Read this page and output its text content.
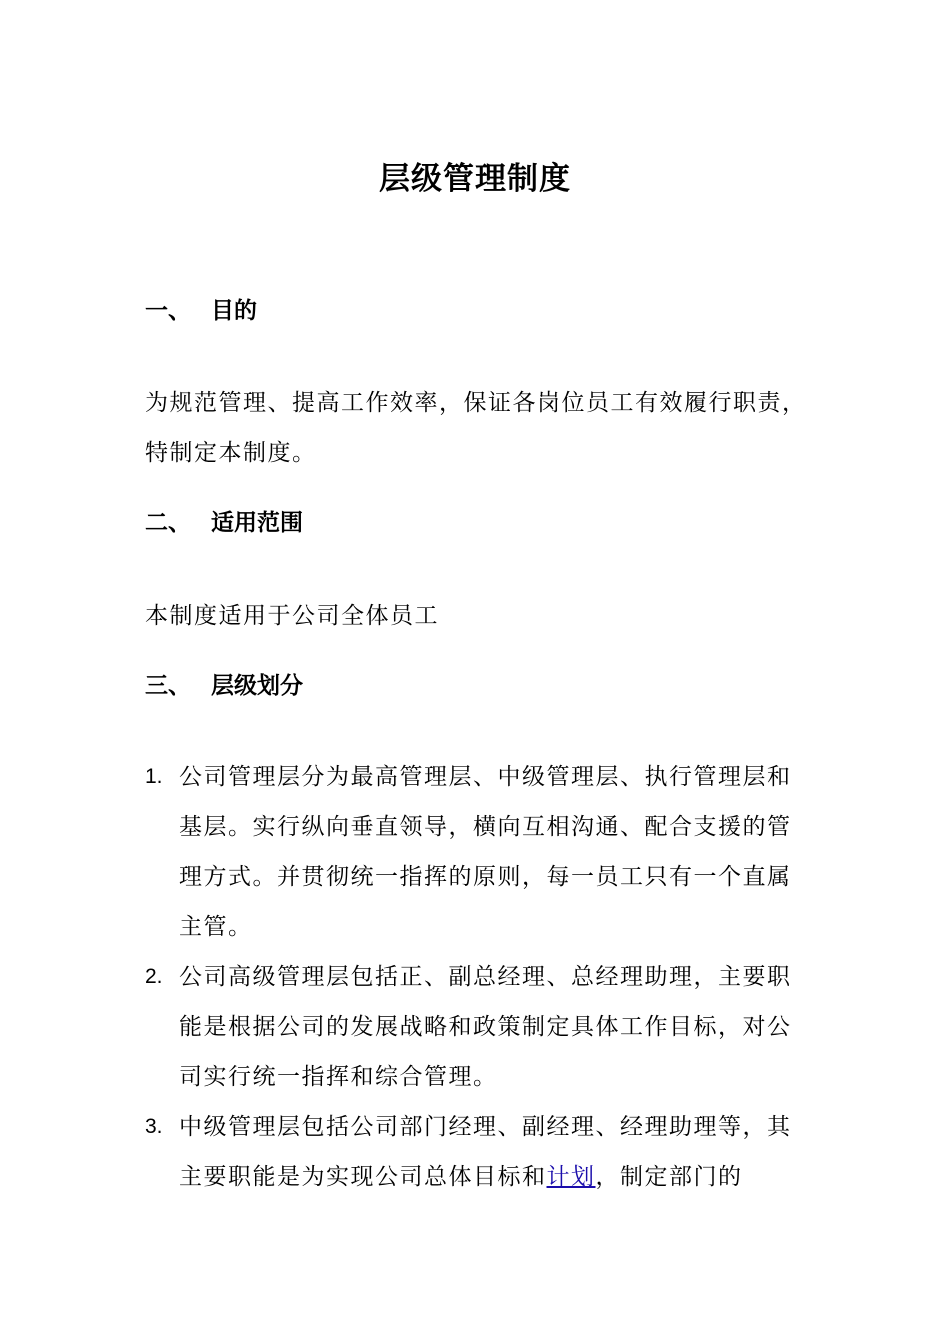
层级管理制度
一、 目的

为规范管理、提高工作效率，保证各岗位员工有效履行职责，特制定本制度。

二、 适用范围

本制度适用于公司全体员工

三、 层级划分
1. 公司管理层分为最高管理层、中级管理层、执行管理层和基层。实行纵向垂直领导，横向互相沟通、配合支援的管理方式。并贯彻统一指挥的原则，每一员工只有一个直属主管。
2. 公司高级管理层包括正、副总经理、总经理助理，主要职能是根据公司的发展战略和政策制定具体工作目标，对公司实行统一指挥和综合管理。
3. 中级管理层包括公司部门经理、副经理、经理助理等，其主要职能是为实现公司总体目标和计划，制定部门的
